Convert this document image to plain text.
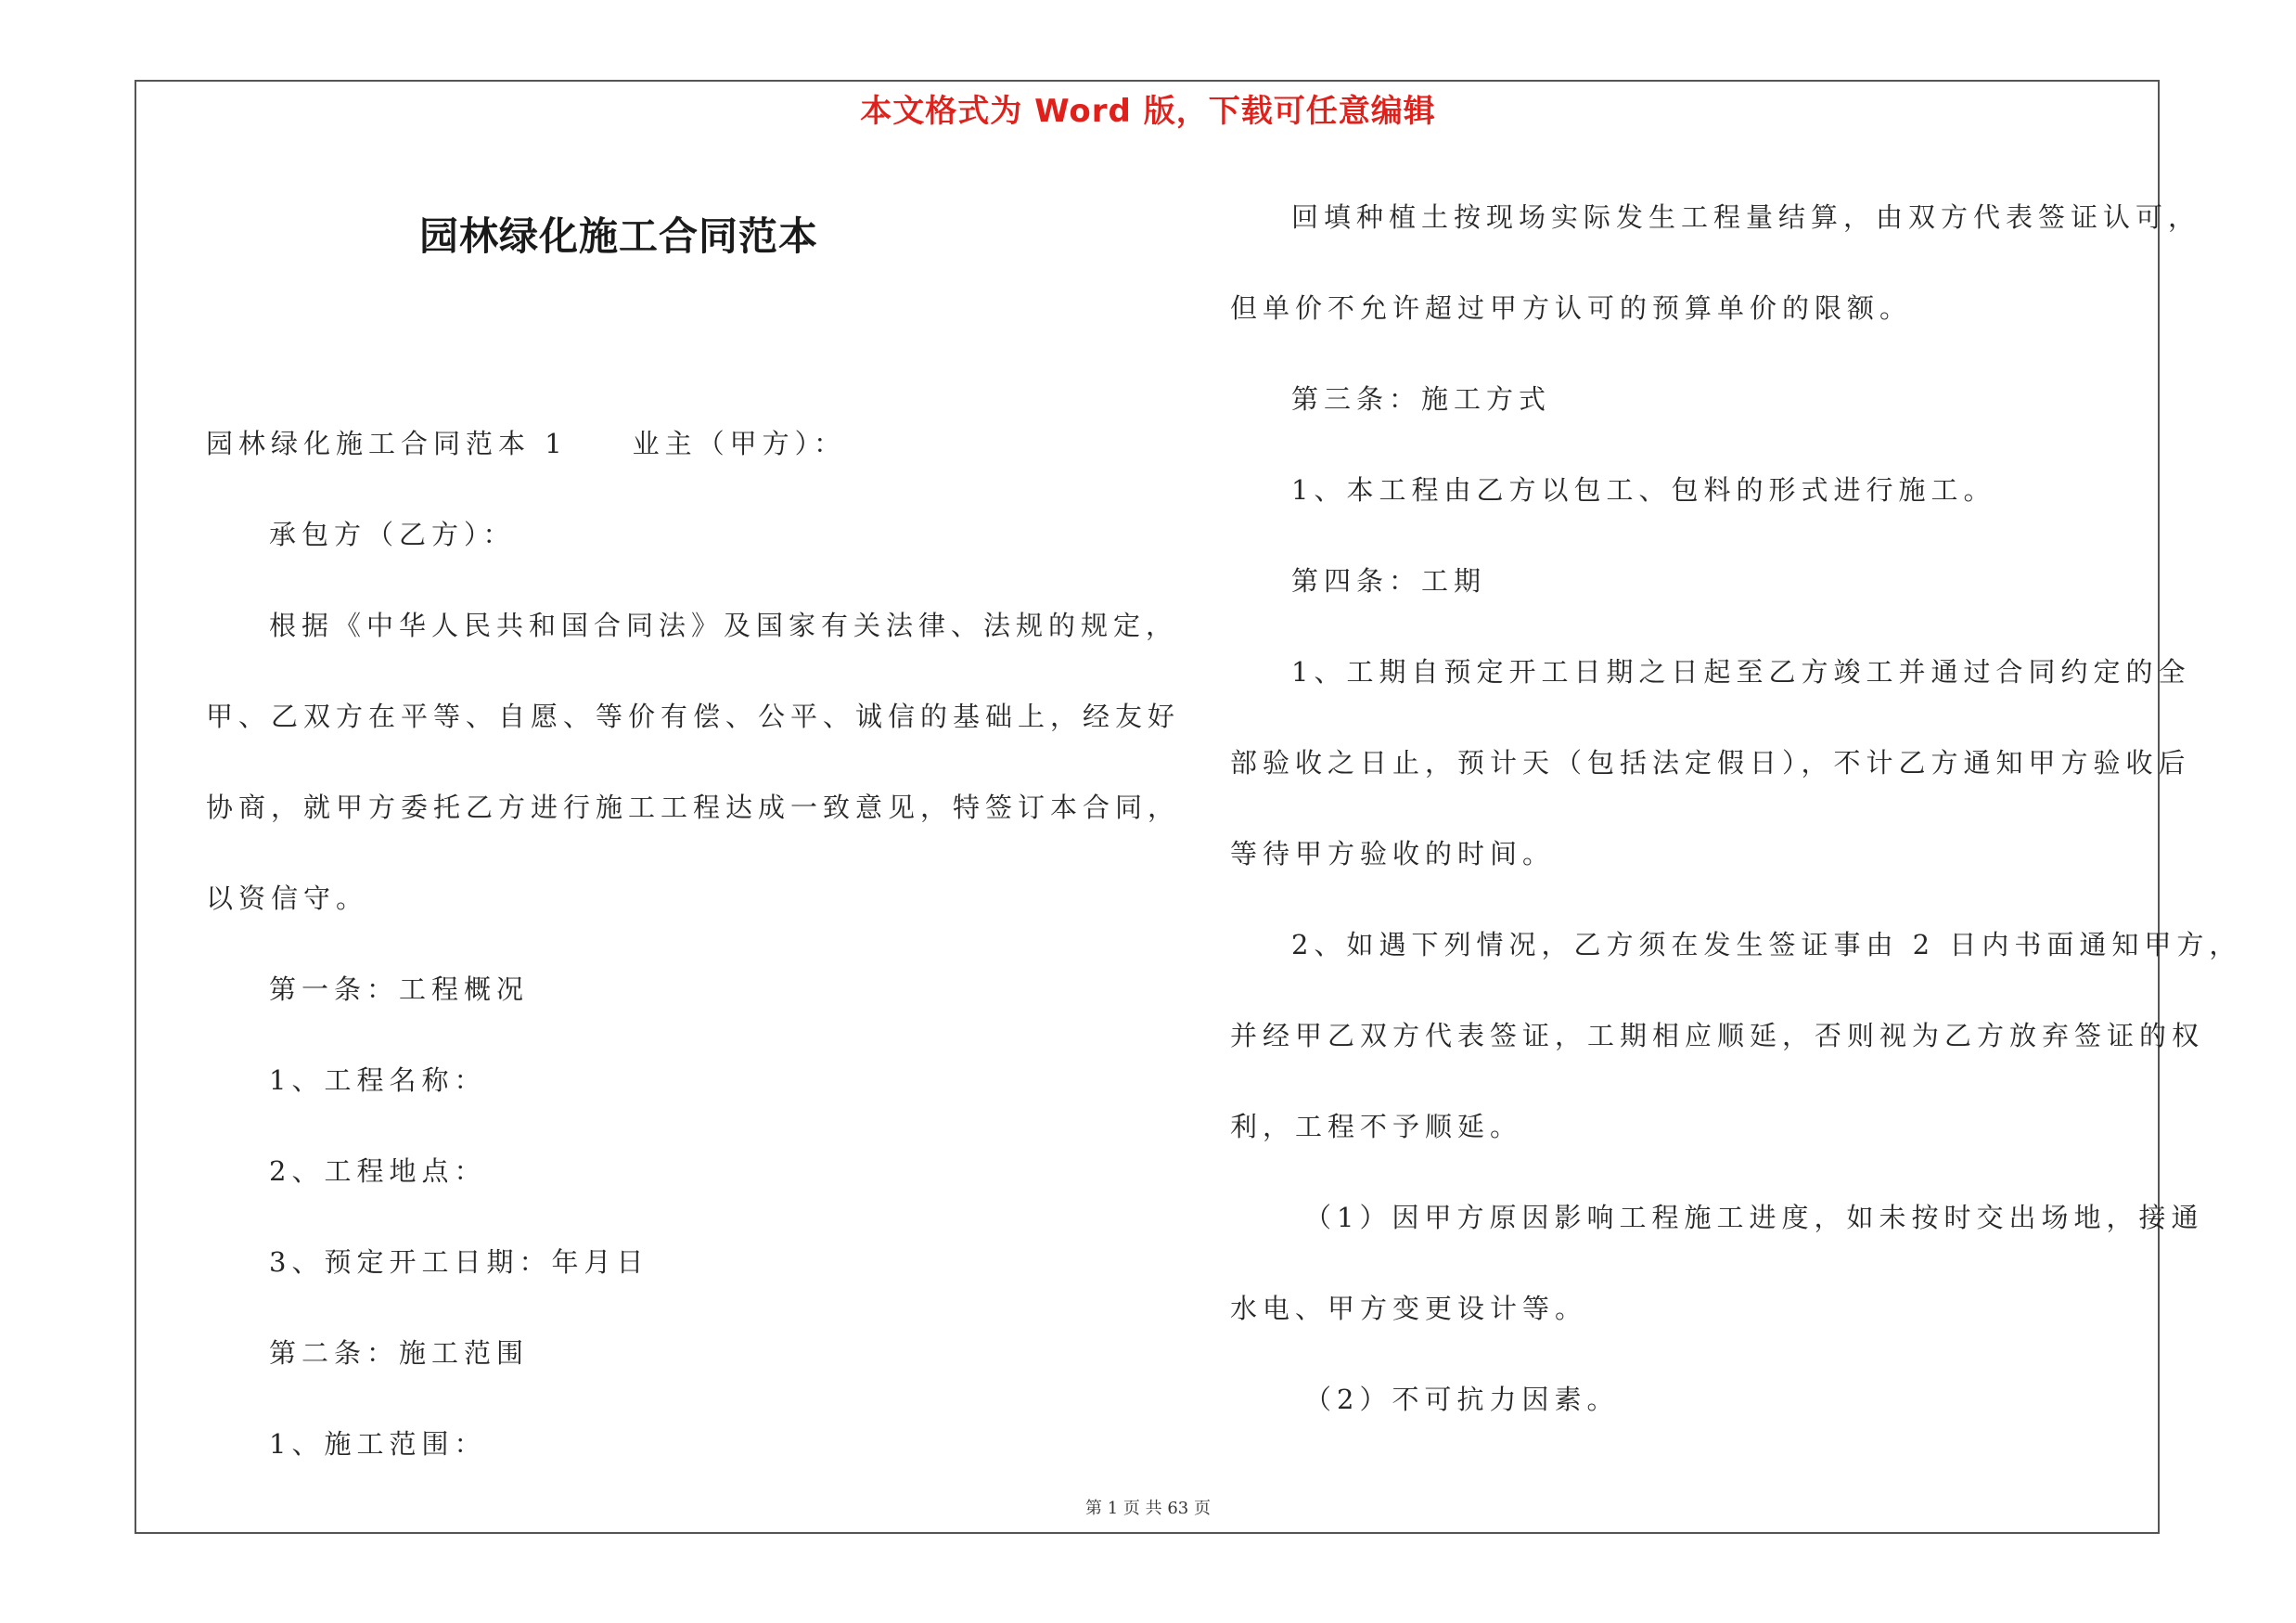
本文格式为 Word 版，下载可任意编辑
园林绿化施工合同范本
园林绿化施工合同范本 1　　业主（甲方）：
承包方（乙方）：
根据《中华人民共和国合同法》及国家有关法律、法规的规定，
甲、乙双方在平等、自愿、等价有偿、公平、诚信的基础上，经友好
协商，就甲方委托乙方进行施工工程达成一致意见，特签订本合同，
以资信守。
第一条：工程概况
1、工程名称：
2、工程地点：
3、预定开工日期：年月日
第二条：施工范围
1、施工范围：
回填种植土按现场实际发生工程量结算，由双方代表签证认可，
但单价不允许超过甲方认可的预算单价的限额。
第三条：施工方式
1、本工程由乙方以包工、包料的形式进行施工。
第四条：工期
1、工期自预定开工日期之日起至乙方竣工并通过合同约定的全
部验收之日止，预计天（包括法定假日），不计乙方通知甲方验收后
等待甲方验收的时间。
2、如遇下列情况，乙方须在发生签证事由 2 日内书面通知甲方，
并经甲乙双方代表签证，工期相应顺延，否则视为乙方放弃签证的权
利，工程不予顺延。
（1）因甲方原因影响工程施工进度，如未按时交出场地，接通
水电、甲方变更设计等。
（2）不可抗力因素。
第 1 页 共 63 页
